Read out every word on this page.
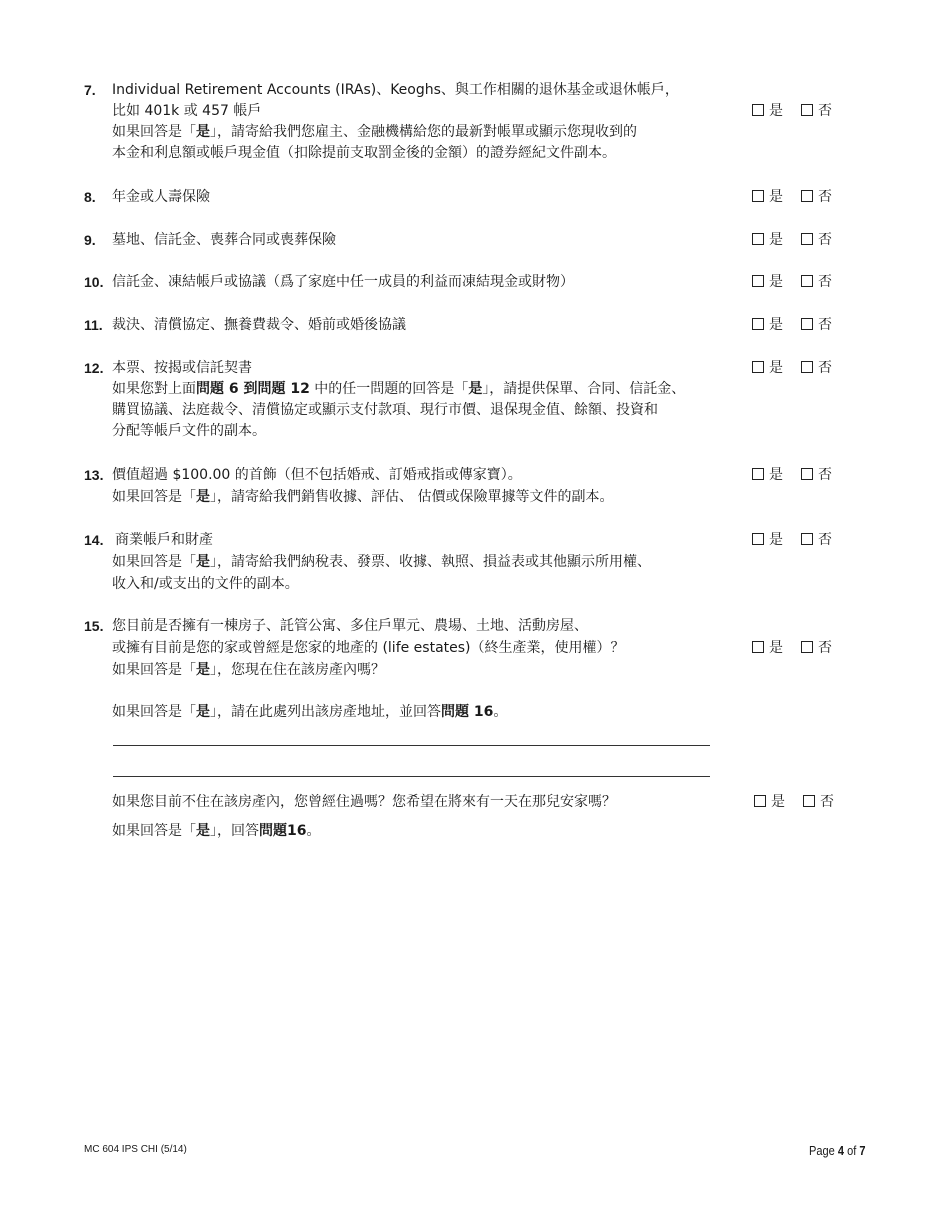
7. Individual Retirement Accounts (IRAs)、Keoghs、與工作相關的退休基金或退休帳戶，
比如 401k 或 457 帳戶
如果回答是「是」，請寄給我們您雇主、金融機構給您的最新對帳單或顯示您現收到的
本金和利息額或帳戶現金值（扣除提前支取罰金後的金額）的證券經紀文件副本。
是	否
8. 年金或人壽保險	是	否
9. 墓地、信託金、喪葬合同或喪葬保險	是	否
10. 信託金、凍結帳戶或協議（爲了家庭中任一成員的利益而凍結現金或財物）	是	否
11. 裁決、清償協定、撫養費裁令、婚前或婚後協議	是	否
12. 本票、按揭或信託契書
如果您對上面問題 6 到問題 12 中的任一問題的回答是「是」，請提供保單、合同、信託金、
購買協議、法庭裁令、清償協定或顯示支付款項、現行市價、退保現金值、餘額、投資和
分配等帳戶文件的副本。
是	否
13. 價值超過 $100.00 的首飾（但不包括婚戒、訂婚戒指或傳家寶）。
如果回答是「是」，請寄給我們銷售收據、評估、 估價或保險單據等文件的副本。
是	否
14. 商業帳戶和財產
如果回答是「是」，請寄給我們納稅表、發票、收據、執照、損益表或其他顯示所用權、
收入和/或支出的文件的副本。
是	否
15. 您目前是否擁有一棟房子、託管公寓、多住戶單元、農場、土地、活動房屋、
或擁有目前是您的家或曾經是您家的地產的 (life estates)（終生產業，使用權）？
如果回答是「是」，您現在住在該房產內嗎？
是	否
如果回答是「是」，請在此處列出該房產地址，並回答問題 16。
如果您目前不住在該房產內，您曾經住過嗎？您希望在將來有一天在那兒安家嗎？
如果回答是「是」，回答問題16。
是	否
MC 604 IPS CHI (5/14)	Page 4 of 7
